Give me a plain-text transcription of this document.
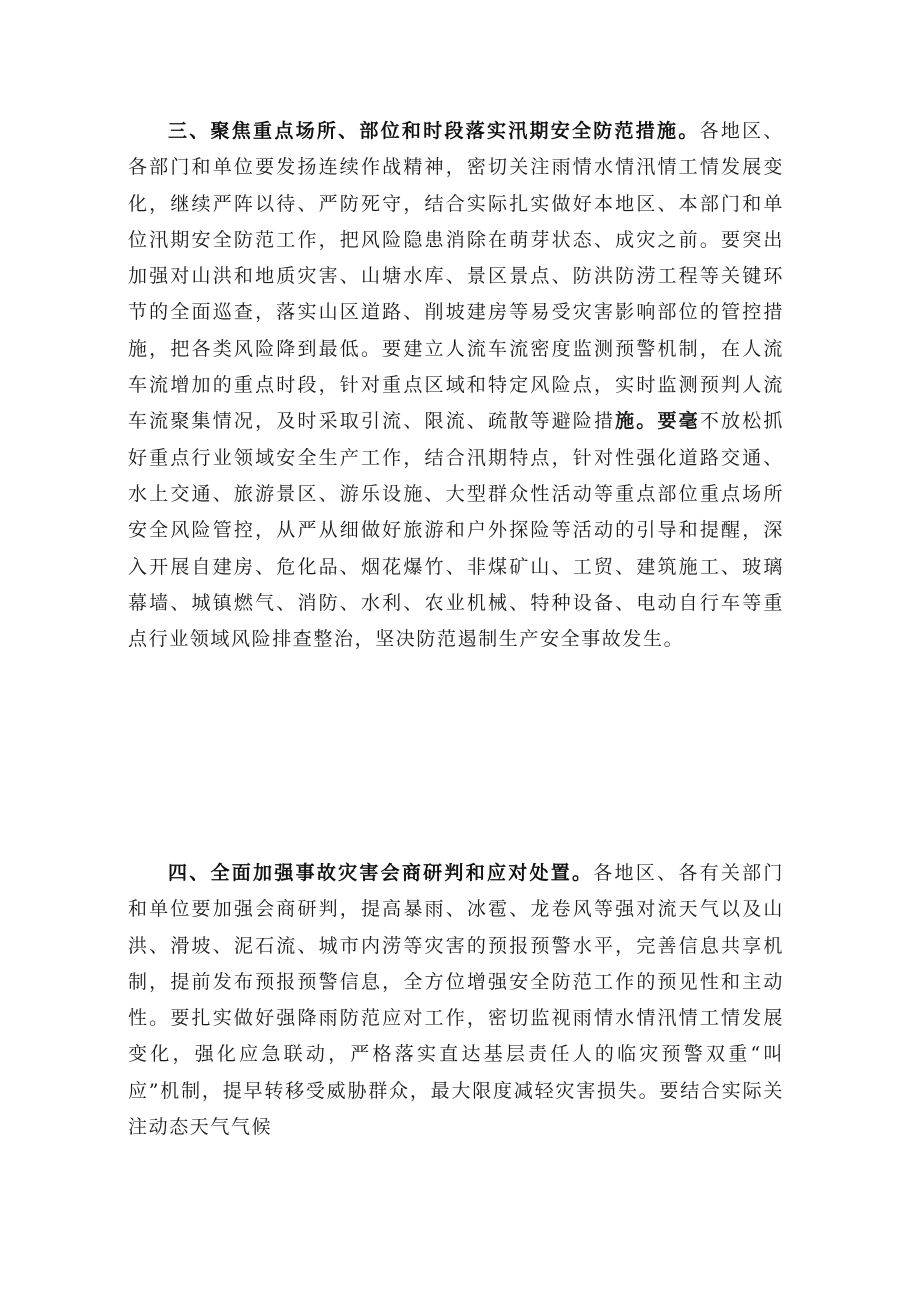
三、聚焦重点场所、部位和时段落实汛期安全防范措施。各地区、各部门和单位要发扬连续作战精神，密切关注雨情水情汛情工情发展变化，继续严阵以待、严防死守，结合实际扎实做好本地区、本部门和单位汛期安全防范工作，把风险隐患消除在萌芽状态、成灾之前。要突出加强对山洪和地质灾害、山塘水库、景区景点、防洪防涝工程等关键环节的全面巡查，落实山区道路、削坡建房等易受灾害影响部位的管控措施，把各类风险降到最低。要建立人流车流密度监测预警机制，在人流车流增加的重点时段，针对重点区域和特定风险点，实时监测预判人流车流聚集情况，及时采取引流、限流、疏散等避险措施。要毫不放松抓好重点行业领域安全生产工作，结合汛期特点，针对性强化道路交通、水上交通、旅游景区、游乐设施、大型群众性活动等重点部位重点场所安全风险管控，从严从细做好旅游和户外探险等活动的引导和提醒，深入开展自建房、危化品、烟花爆竹、非煤矿山、工贸、建筑施工、玻璃幕墙、城镇燃气、消防、水利、农业机械、特种设备、电动自行车等重点行业领域风险排查整治，坚决防范遏制生产安全事故发生。

四、全面加强事故灾害会商研判和应对处置。各地区、各有关部门和单位要加强会商研判，提高暴雨、冰雹、龙卷风等强对流天气以及山洪、滑坡、泥石流、城市内涝等灾害的预报预警水平，完善信息共享机制，提前发布预报预警信息，全方位增强安全防范工作的预见性和主动性。要扎实做好强降雨防范应对工作，密切监视雨情水情汛情工情发展变化，强化应急联动，严格落实直达基层责任人的临灾预警双重“叫应”机制，提早转移受威胁群众，最大限度减轻灾害损失。要结合实际关注动态天气气候
